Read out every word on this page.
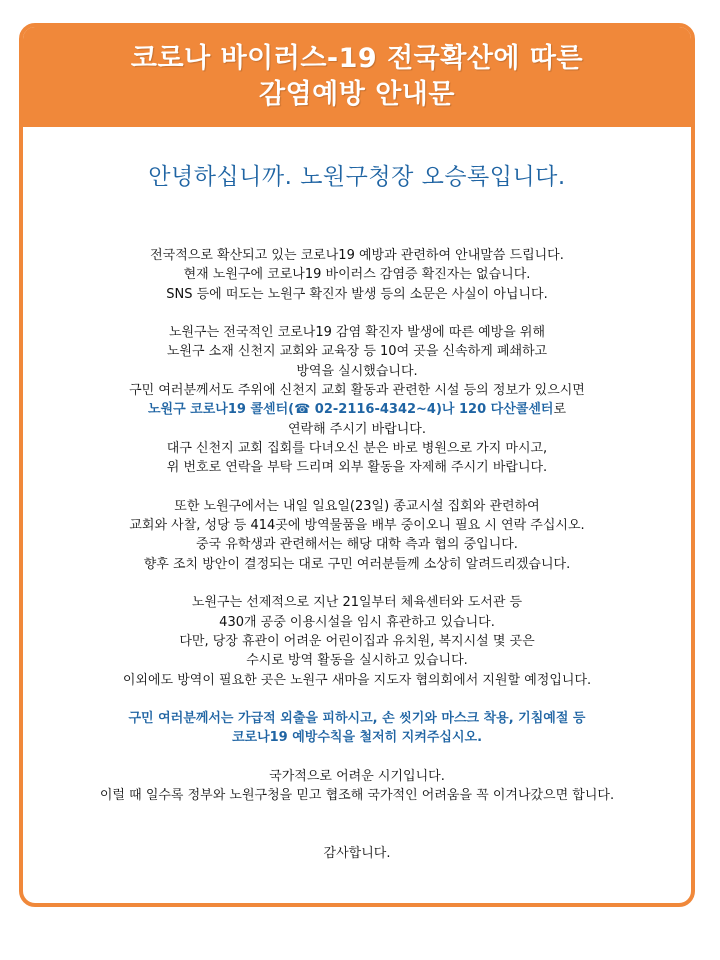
코로나 바이러스-19 전국확산에 따른
감염예방 안내문
안녕하십니까. 노원구청장 오승록입니다.
전국적으로 확산되고 있는 코로나19 예방과 관련하여 안내말씀 드립니다.
현재 노원구에 코로나19 바이러스 감염증 확진자는 없습니다.
SNS 등에 떠도는 노원구 확진자 발생 등의 소문은 사실이 아닙니다.
노원구는 전국적인 코로나19 감염 확진자 발생에 따른 예방을 위해
노원구 소재 신천지 교회와 교육장 등 10여 곳을 신속하게 폐쇄하고
방역을 실시했습니다.
구민 여러분께서도 주위에 신천지 교회 활동과 관련한 시설 등의 정보가 있으시면
노원구 코로나19 콜센터(☎ 02-2116-4342~4)나 120 다산콜센터로
연락해 주시기 바랍니다.
대구 신천지 교회 집회를 다녀오신 분은 바로 병원으로 가지 마시고,
위 번호로 연락을 부탁 드리며 외부 활동을 자제해 주시기 바랍니다.
또한 노원구에서는 내일 일요일(23일) 종교시설 집회와 관련하여
교회와 사찰, 성당 등 414곳에 방역물품을 배부 중이오니 필요 시 연락 주십시오.
중국 유학생과 관련해서는 해당 대학 측과 협의 중입니다.
향후 조치 방안이 결정되는 대로 구민 여러분들께 소상히 알려드리겠습니다.
노원구는 선제적으로 지난 21일부터 체육센터와 도서관 등
430개 공중 이용시설을 임시 휴관하고 있습니다.
다만, 당장 휴관이 어려운 어린이집과 유치원, 복지시설 몇 곳은
수시로 방역 활동을 실시하고 있습니다.
이외에도 방역이 필요한 곳은 노원구 새마을 지도자 협의회에서 지원할 예정입니다.
구민 여러분께서는 가급적 외출을 피하시고, 손 씻기와 마스크 착용, 기침예절 등
코로나19 예방수칙을 철저히 지켜주십시오.
국가적으로 어려운 시기입니다.
이럴 때 일수록 정부와 노원구청을 믿고 협조해 국가적인 어려움을 꼭 이겨나갔으면 합니다.
감사합니다.
